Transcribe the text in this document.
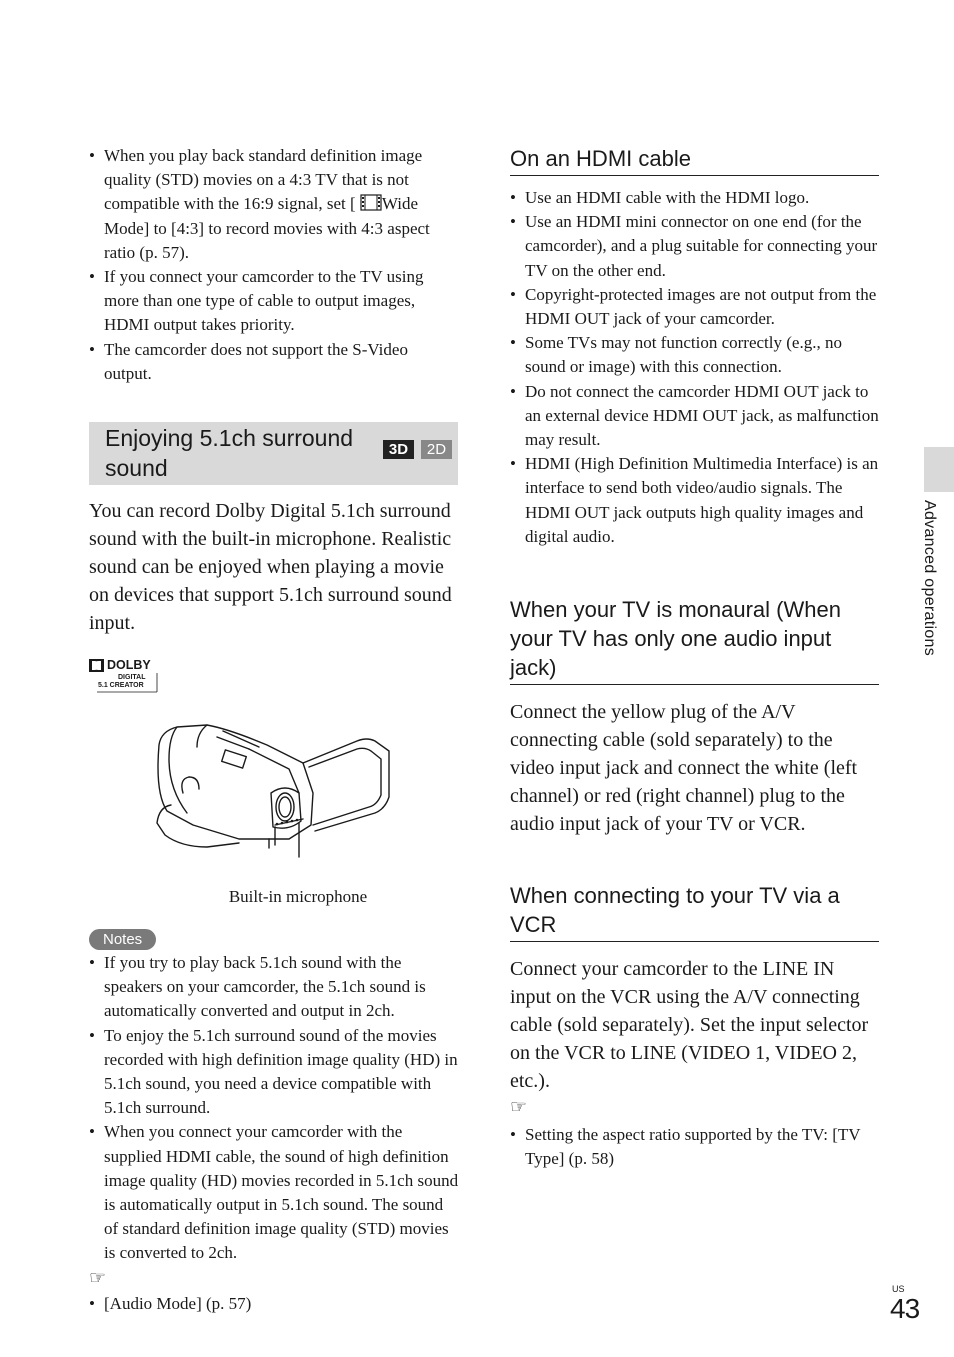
• When you play back standard definition image quality (STD) movies on a 4:3 TV that is not compatible with the 16:9 signal, set [ Wide Mode] to [4:3] to record movies with 4:3 aspect ratio (p. 57).
• If you connect your camcorder to the TV using more than one type of cable to output images, HDMI output takes priority.
• The camcorder does not support the S-Video output.
Enjoying 5.1ch surround sound
3D	2D

You can record Dolby Digital 5.1ch surround sound with the built-in microphone. Realistic sound can be enjoyed when playing a movie on devices that support 5.1ch surround sound input.

DOLBY
DIGITAL
5.1 CREATOR
Built-in microphone
Notes
• If you try to play back 5.1ch sound with the speakers on your camcorder, the 5.1ch sound is automatically converted and output in 2ch.
• To enjoy the 5.1ch surround sound of the movies recorded with high definition image quality (HD) in 5.1ch sound, you need a device compatible with 5.1ch surround.
• When you connect your camcorder with the supplied HDMI cable, the sound of high definition image quality (HD) movies recorded in 5.1ch sound is automatically output in 5.1ch sound. The sound of standard definition image quality (STD) movies is converted to 2ch.
☞
• [Audio Mode] (p. 57)
On an HDMI cable
• Use an HDMI cable with the HDMI logo.
• Use an HDMI mini connector on one end (for the camcorder), and a plug suitable for connecting your TV on the other end.
• Copyright-protected images are not output from the HDMI OUT jack of your camcorder.
• Some TVs may not function correctly (e.g., no sound or image) with this connection.
• Do not connect the camcorder HDMI OUT jack to an external device HDMI OUT jack, as malfunction may result.
• HDMI (High Definition Multimedia Interface) is an interface to send both video/audio signals. The HDMI OUT jack outputs high quality images and digital audio.
When your TV is monaural (When your TV has only one audio input jack)

Connect the yellow plug of the A/V connecting cable (sold separately) to the video input jack and connect the white (left channel) or red (right channel) plug to the audio input jack of your TV or VCR.

When connecting to your TV via a VCR

Connect your camcorder to the LINE IN input on the VCR using the A/V connecting cable (sold separately). Set the input selector on the VCR to LINE (VIDEO 1, VIDEO 2, etc.).

☞
• Setting the aspect ratio supported by the TV: [TV Type] (p. 58)
Advanced operations
US
43
